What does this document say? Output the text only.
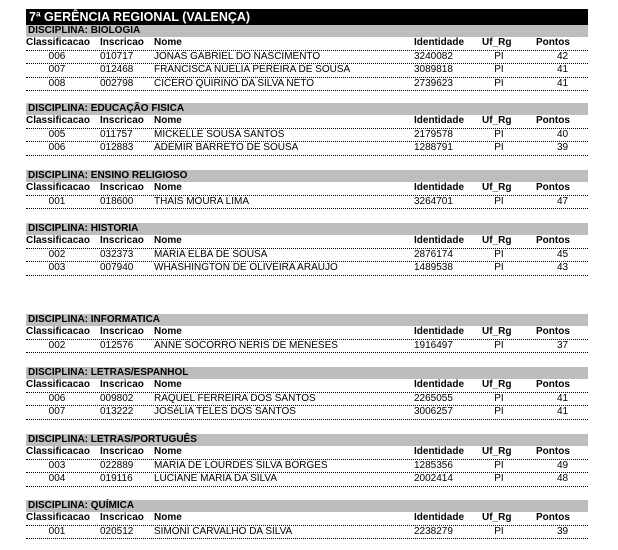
7ª GERÊNCIA REGIONAL (VALENÇA)
DISCIPLINA: BIOLOGIA
Classificacao Inscricao	Nome	Identidade Uf_Rg Pontos
006	010717	JONAS GABRIEL DO NASCIMENTO	3240082	PI	42
007	012468	FRANCISCA NUELIA PEREIRA DE SOUSA	3089818	PI	41
008	002798	CICERO QUIRINO DA SILVA NETO	2739623	PI	41
DISCIPLINA: EDUCAÇÃO FISICA
Classificacao Inscricao	Nome	Identidade Uf_Rg Pontos
005	011757	MICKELLE SOUSA SANTOS	2179578	PI	40
006	012883	ADEMIR BARRETO DE SOUSA	1288791	PI	39
DISCIPLINA: ENSINO RELIGIOSO
Classificacao Inscricao	Nome	Identidade Uf_Rg Pontos
001	018600	THAÍS MOURA LIMA	3264701	PI	47
DISCIPLINA: HISTORIA
Classificacao Inscricao	Nome	Identidade Uf_Rg Pontos
002	032373	MARIA ELBA DE SOUSA	2876174	PI	45
003	007940	WHASHINGTON DE OLIVEIRA ARAUJO	1489538	PI	43
DISCIPLINA: INFORMATICA
Classificacao Inscricao	Nome	Identidade Uf_Rg Pontos
002	012576	ANNE SOCORRO NERIS DE MENESES	1916497	PI	37
DISCIPLINA: LETRAS/ESPANHOL
Classificacao Inscricao	Nome	Identidade Uf_Rg Pontos
006	009802	RAQUEL FERREIRA DOS SANTOS	2265055	PI	41
007	013222	JOSéLIA TELES DOS SANTOS	3006257	PI	41
DISCIPLINA: LETRAS/PORTUGUÊS
Classificacao Inscricao	Nome	Identidade Uf_Rg Pontos
003	022889	MARIA DE LOURDES SILVA BORGES	1285356	PI	49
004	019116	LUCIANE MARIA DA SILVA	2002414	PI	48
DISCIPLINA: QUÍMICA
Classificacao Inscricao	Nome	Identidade Uf_Rg Pontos
001	020512	SIMONI CARVALHO DA SILVA	2238279	PI	39
